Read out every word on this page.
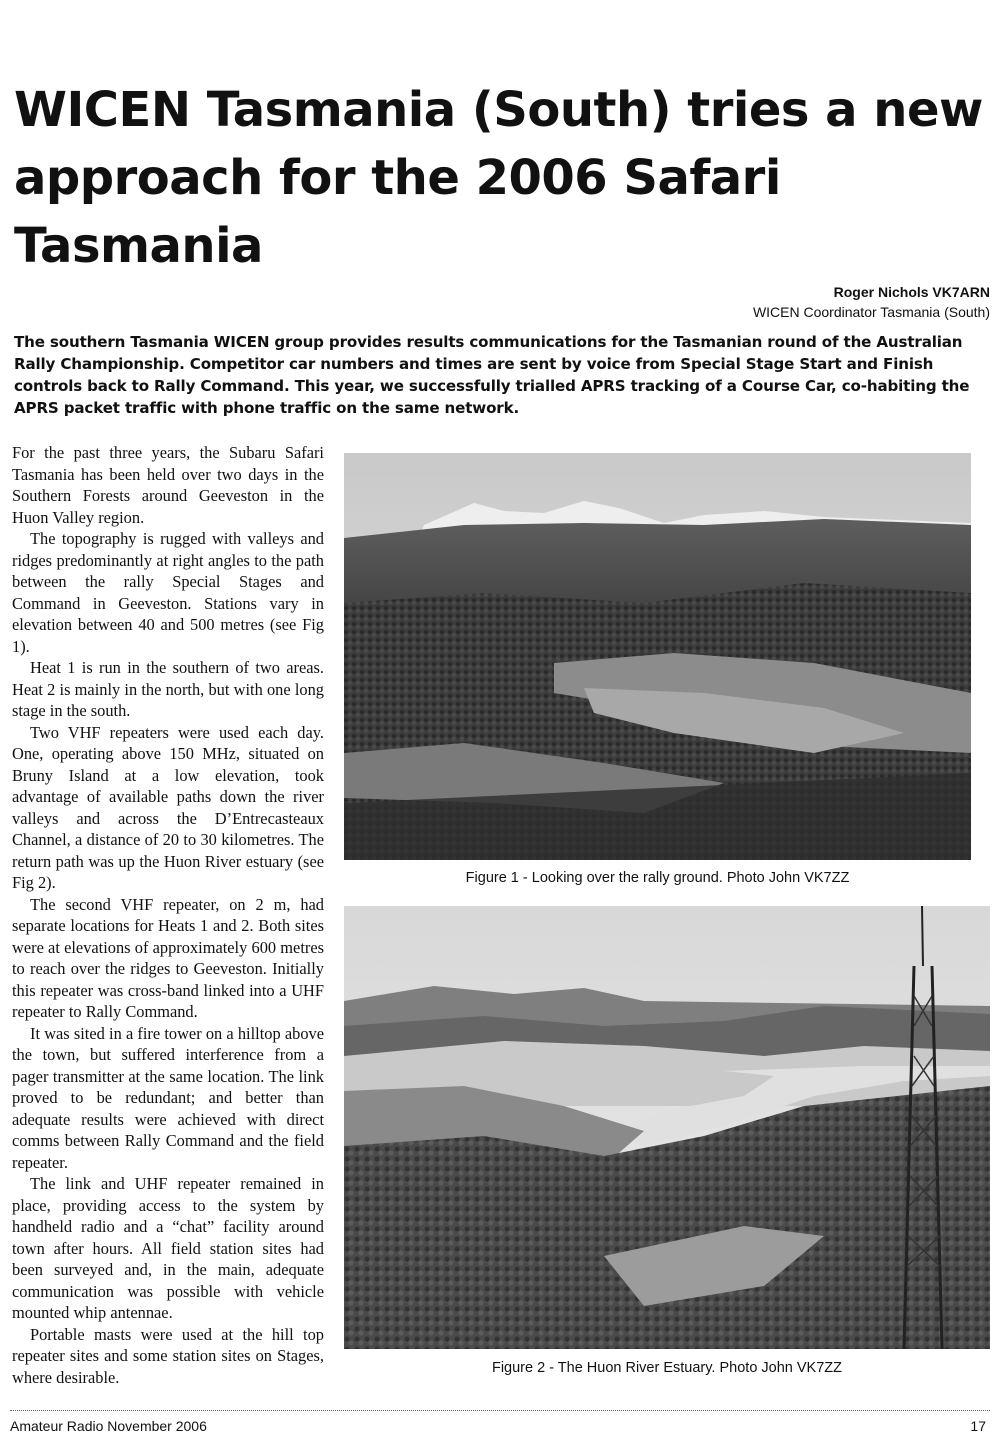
WICEN Tasmania (South) tries a new approach for the 2006 Safari Tasmania
Roger Nichols VK7ARN
WICEN Coordinator Tasmania (South)

The southern Tasmania WICEN group provides results communications for the Tasmanian round of the Australian Rally Championship. Competitor car numbers and times are sent by voice from Special Stage Start and Finish controls back to Rally Command. This year, we successfully trialled APRS tracking of a Course Car, co-habiting the APRS packet traffic with phone traffic on the same network.

For the past three years, the Subaru Safari Tasmania has been held over two days in the Southern Forests around Geeveston in the Huon Valley region.

The topography is rugged with valleys and ridges predominantly at right angles to the path between the rally Special Stages and Command in Geeveston. Stations vary in elevation between 40 and 500 metres (see Fig 1).

Heat 1 is run in the southern of two areas. Heat 2 is mainly in the north, but with one long stage in the south.

Two VHF repeaters were used each day. One, operating above 150 MHz, situated on Bruny Island at a low elevation, took advantage of available paths down the river valleys and across the D’Entrecasteaux Channel, a distance of 20 to 30 kilometres. The return path was up the Huon River estuary (see Fig 2).

The second VHF repeater, on 2 m, had separate locations for Heats 1 and 2. Both sites were at elevations of approximately 600 metres to reach over the ridges to Geeveston. Initially this repeater was cross-band linked into a UHF repeater to Rally Command.

It was sited in a fire tower on a hilltop above the town, but suffered interference from a pager transmitter at the same location. The link proved to be redundant; and better than adequate results were achieved with direct comms between Rally Command and the field repeater.

The link and UHF repeater remained in place, providing access to the system by handheld radio and a “chat” facility around town after hours. All field station sites had been surveyed and, in the main, adequate communication was possible with vehicle mounted whip antennae.

Portable masts were used at the hill top repeater sites and some station sites on Stages, where desirable.

Figure 1 - Looking over the rally ground. Photo John VK7ZZ
Figure 2 - The Huon River Estuary. Photo John VK7ZZ
Amateur Radio November 2006	17
